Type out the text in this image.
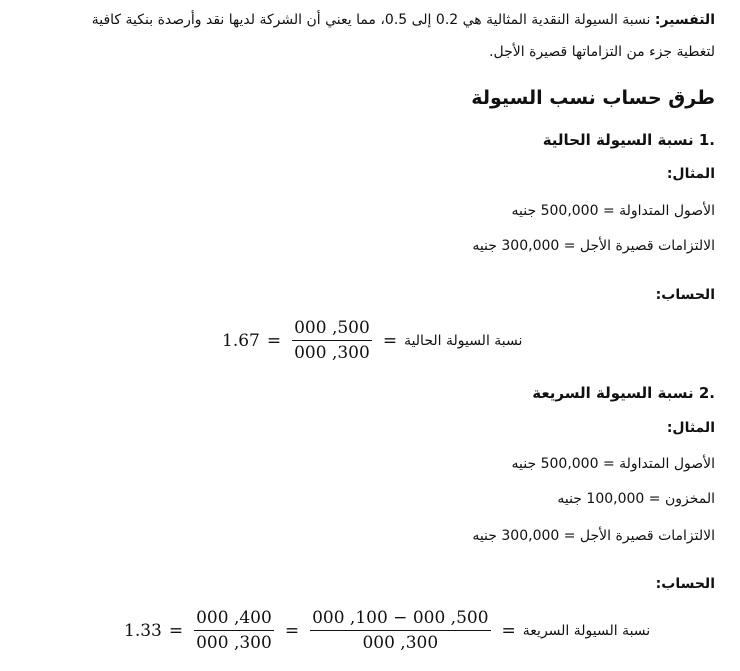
التفسير: نسبة السيولة النقدية المثالية هي 0.2 إلى 0.5، مما يعني أن الشركة لديها نقد وأرصدة بنكية كافية لتغطية جزء من التزاماتها قصيرة الأجل.
طرق حساب نسب السيولة
.1 نسبة السيولة الحالية
المثال:
الأصول المتداولة = 500,000 جنيه
الالتزامات قصيرة الأجل = 300,000 جنيه
الحساب:
$1.67 = \frac{000 ,500}{000 ,300}$ = نسبة السيولة الحالية
.2 نسبة السيولة السريعة
المثال:
الأصول المتداولة = 500,000 جنيه
المخزون = 100,000 جنيه
الالتزامات قصيرة الأجل = 300,000 جنيه
الحساب:
$1.33 = \frac{000 ,400}{000 ,300} = \frac{000 ,100 - 000 ,500}{000 ,300}$ = نسبة السيولة السريعة
